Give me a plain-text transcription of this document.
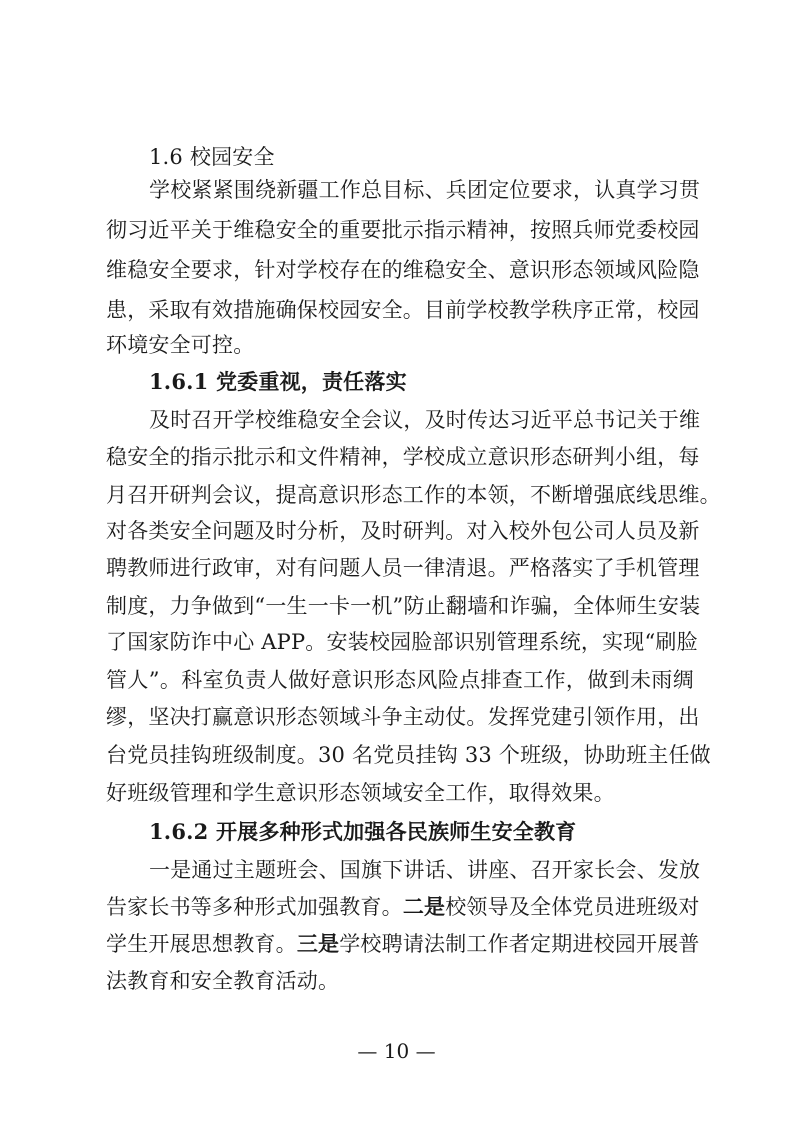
1.6 校园安全
学校紧紧围绕新疆工作总目标、兵团定位要求，认真学习贯
彻习近平关于维稳安全的重要批示指示精神，按照兵师党委校园
维稳安全要求，针对学校存在的维稳安全、意识形态领域风险隐
患，采取有效措施确保校园安全。目前学校教学秩序正常，校园
环境安全可控。
1.6.1 党委重视，责任落实
及时召开学校维稳安全会议，及时传达习近平总书记关于维
稳安全的指示批示和文件精神，学校成立意识形态研判小组，每
月召开研判会议，提高意识形态工作的本领，不断增强底线思维。
对各类安全问题及时分析，及时研判。对入校外包公司人员及新
聘教师进行政审，对有问题人员一律清退。严格落实了手机管理
制度，力争做到“一生一卡一机”防止翻墙和诈骗，全体师生安装
了国家防诈中心 APP。安装校园脸部识别管理系统，实现“刷脸
管人”。科室负责人做好意识形态风险点排查工作，做到未雨绸
缪，坚决打赢意识形态领域斗争主动仗。发挥党建引领作用，出
台党员挂钩班级制度。30 名党员挂钩 33 个班级，协助班主任做
好班级管理和学生意识形态领域安全工作，取得效果。
1.6.2 开展多种形式加强各民族师生安全教育
一是通过主题班会、国旗下讲话、讲座、召开家长会、发放
告家长书等多种形式加强教育。二是校领导及全体党员进班级对
学生开展思想教育。三是学校聘请法制工作者定期进校园开展普
法教育和安全教育活动。
— 10 —
